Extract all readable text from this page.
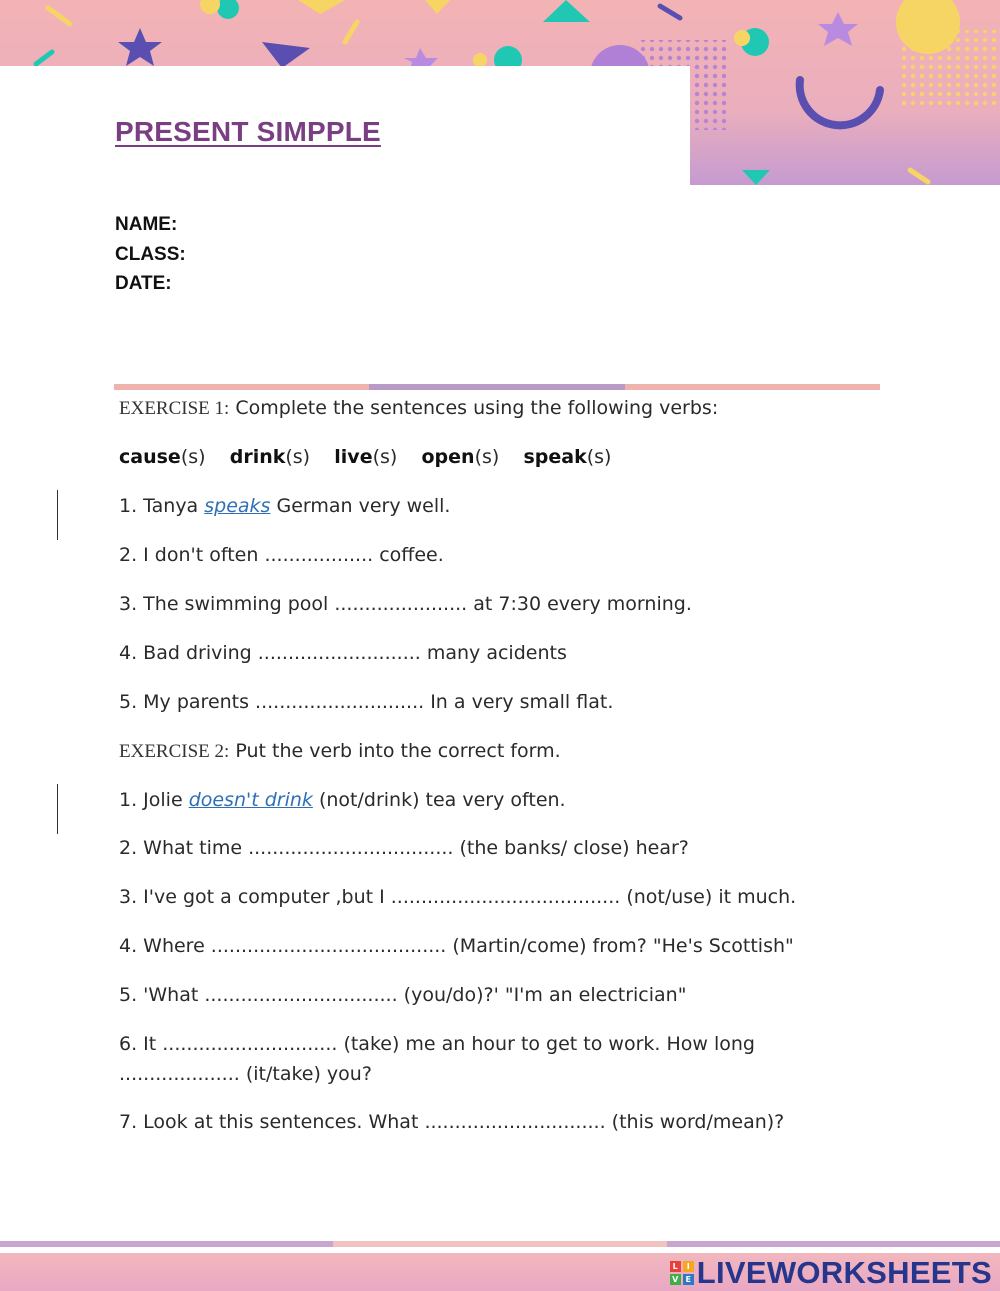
PRESENT SIMPPLE
NAME:
CLASS:
DATE:
EXERCISE 1: Complete the sentences using the following verbs:
cause(s) drink(s) live(s) open(s) speak(s)
1. Tanya speaks German very well.
2. I don't often .................. coffee.
3. The swimming pool ...................... at 7:30 every morning.
4. Bad driving ........................... many acidents
5. My parents ............................ In a very small flat.
EXERCISE 2: Put the verb into the correct form.
1. Jolie doesn't drink (not/drink) tea very often.
2. What time .................................. (the banks/ close) hear?
3. I've got a computer ,but I ...................................... (not/use) it much.
4. Where ....................................... (Martin/come) from? "He's Scottish"
5. 'What ................................ (you/do)?' "I'm an electrician"
6. It ............................. (take) me an hour to get to work. How long .................... (it/take) you?
7. Look at this sentences. What .............................. (this word/mean)?
L	I
V E LIVEWORKSHEETS
